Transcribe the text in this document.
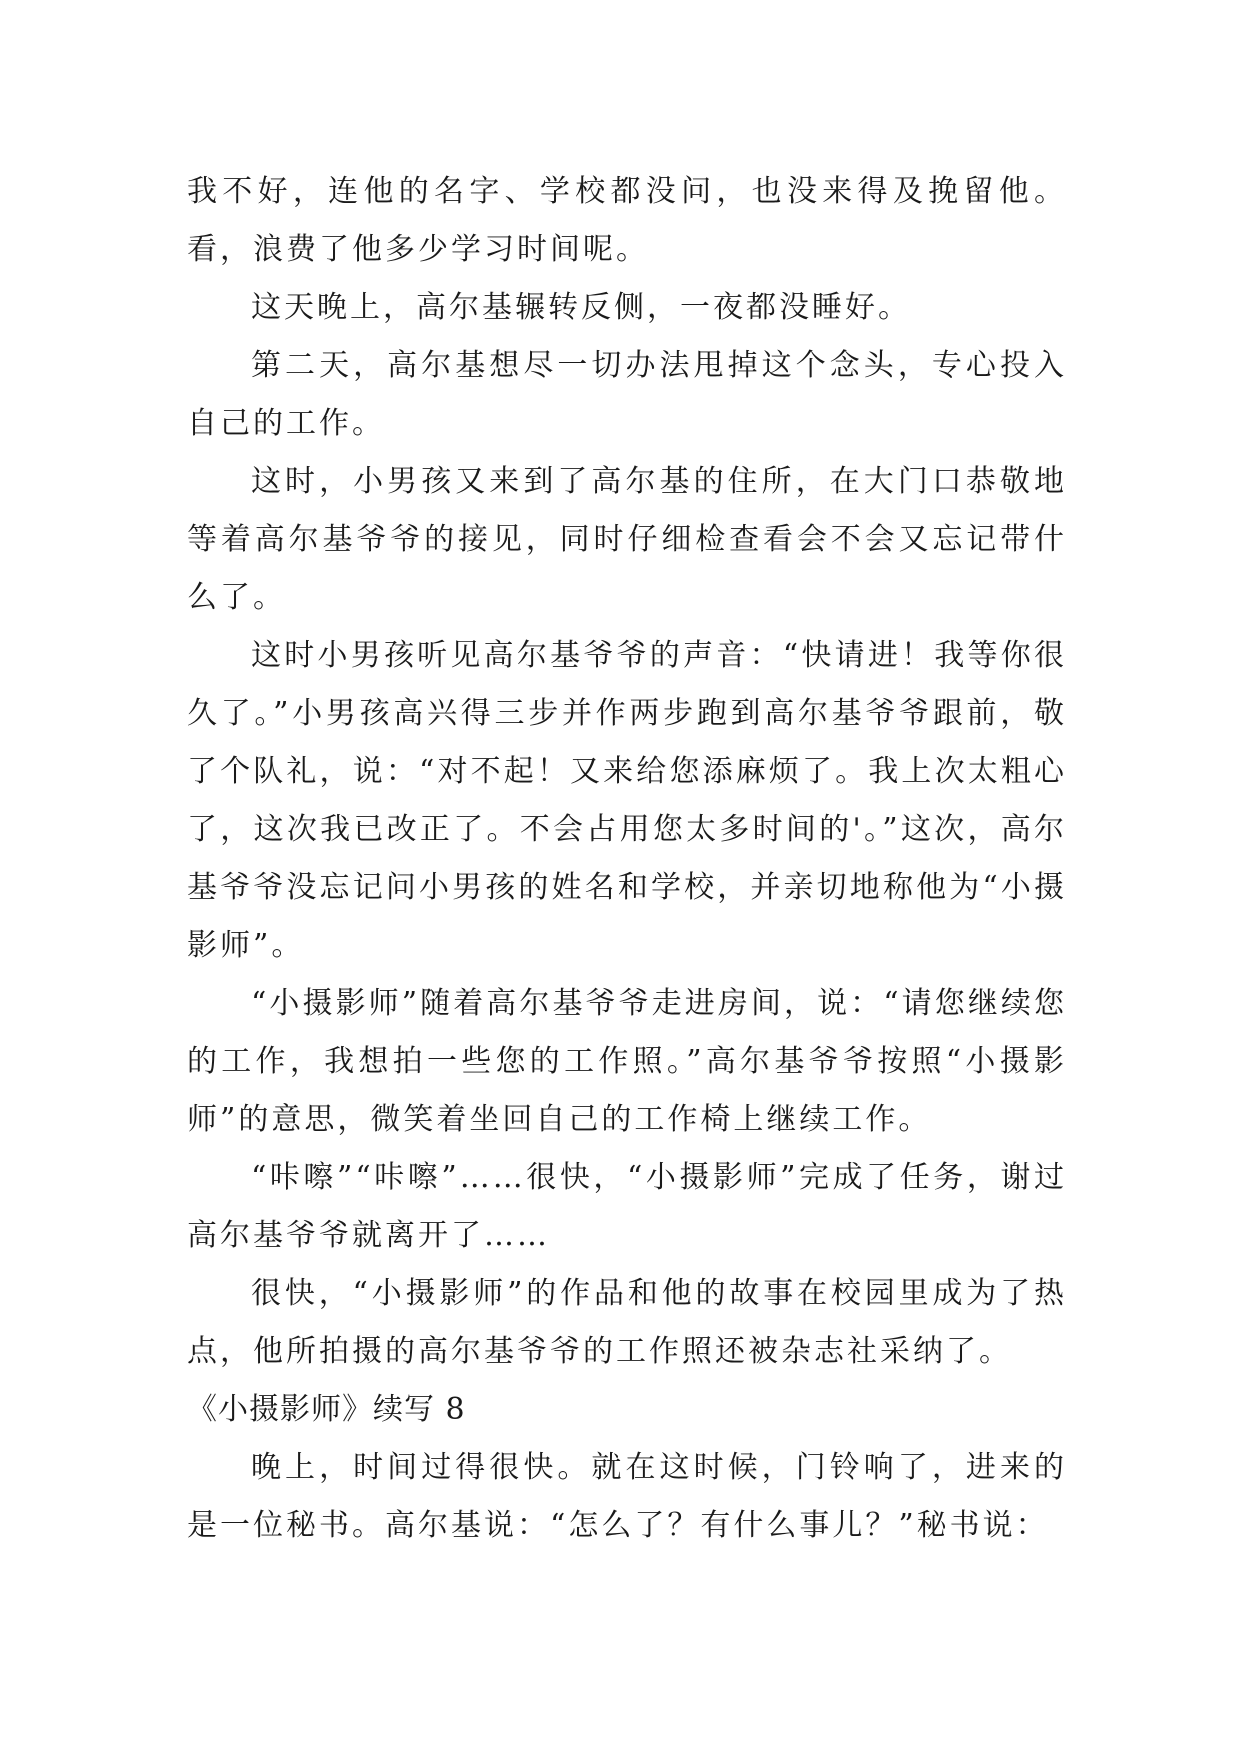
我不好，连他的名字、学校都没问，也没来得及挽留他。看，浪费了他多少学习时间呢。

这天晚上，高尔基辗转反侧，一夜都没睡好。

第二天，高尔基想尽一切办法甩掉这个念头，专心投入自己的工作。

这时，小男孩又来到了高尔基的住所，在大门口恭敬地等着高尔基爷爷的接见，同时仔细检查看会不会又忘记带什么了。

这时小男孩听见高尔基爷爷的声音：“快请进！我等你很久了。”小男孩高兴得三步并作两步跑到高尔基爷爷跟前，敬了个队礼，说：“对不起！又来给您添麻烦了。我上次太粗心了，这次我已改正了。不会占用您太多时间的'。”这次，高尔基爷爷没忘记问小男孩的姓名和学校，并亲切地称他为“小摄影师”。

“小摄影师”随着高尔基爷爷走进房间，说：“请您继续您的工作，我想拍一些您的工作照。”高尔基爷爷按照“小摄影师”的意思，微笑着坐回自己的工作椅上继续工作。

“咔嚓”“咔嚓”……很快，“小摄影师”完成了任务，谢过高尔基爷爷就离开了……

很快，“小摄影师”的作品和他的故事在校园里成为了热点，他所拍摄的高尔基爷爷的工作照还被杂志社采纳了。

《小摄影师》续写 8

晚上，时间过得很快。就在这时候，门铃响了，进来的是一位秘书。高尔基说：“怎么了？有什么事儿？”秘书说：
